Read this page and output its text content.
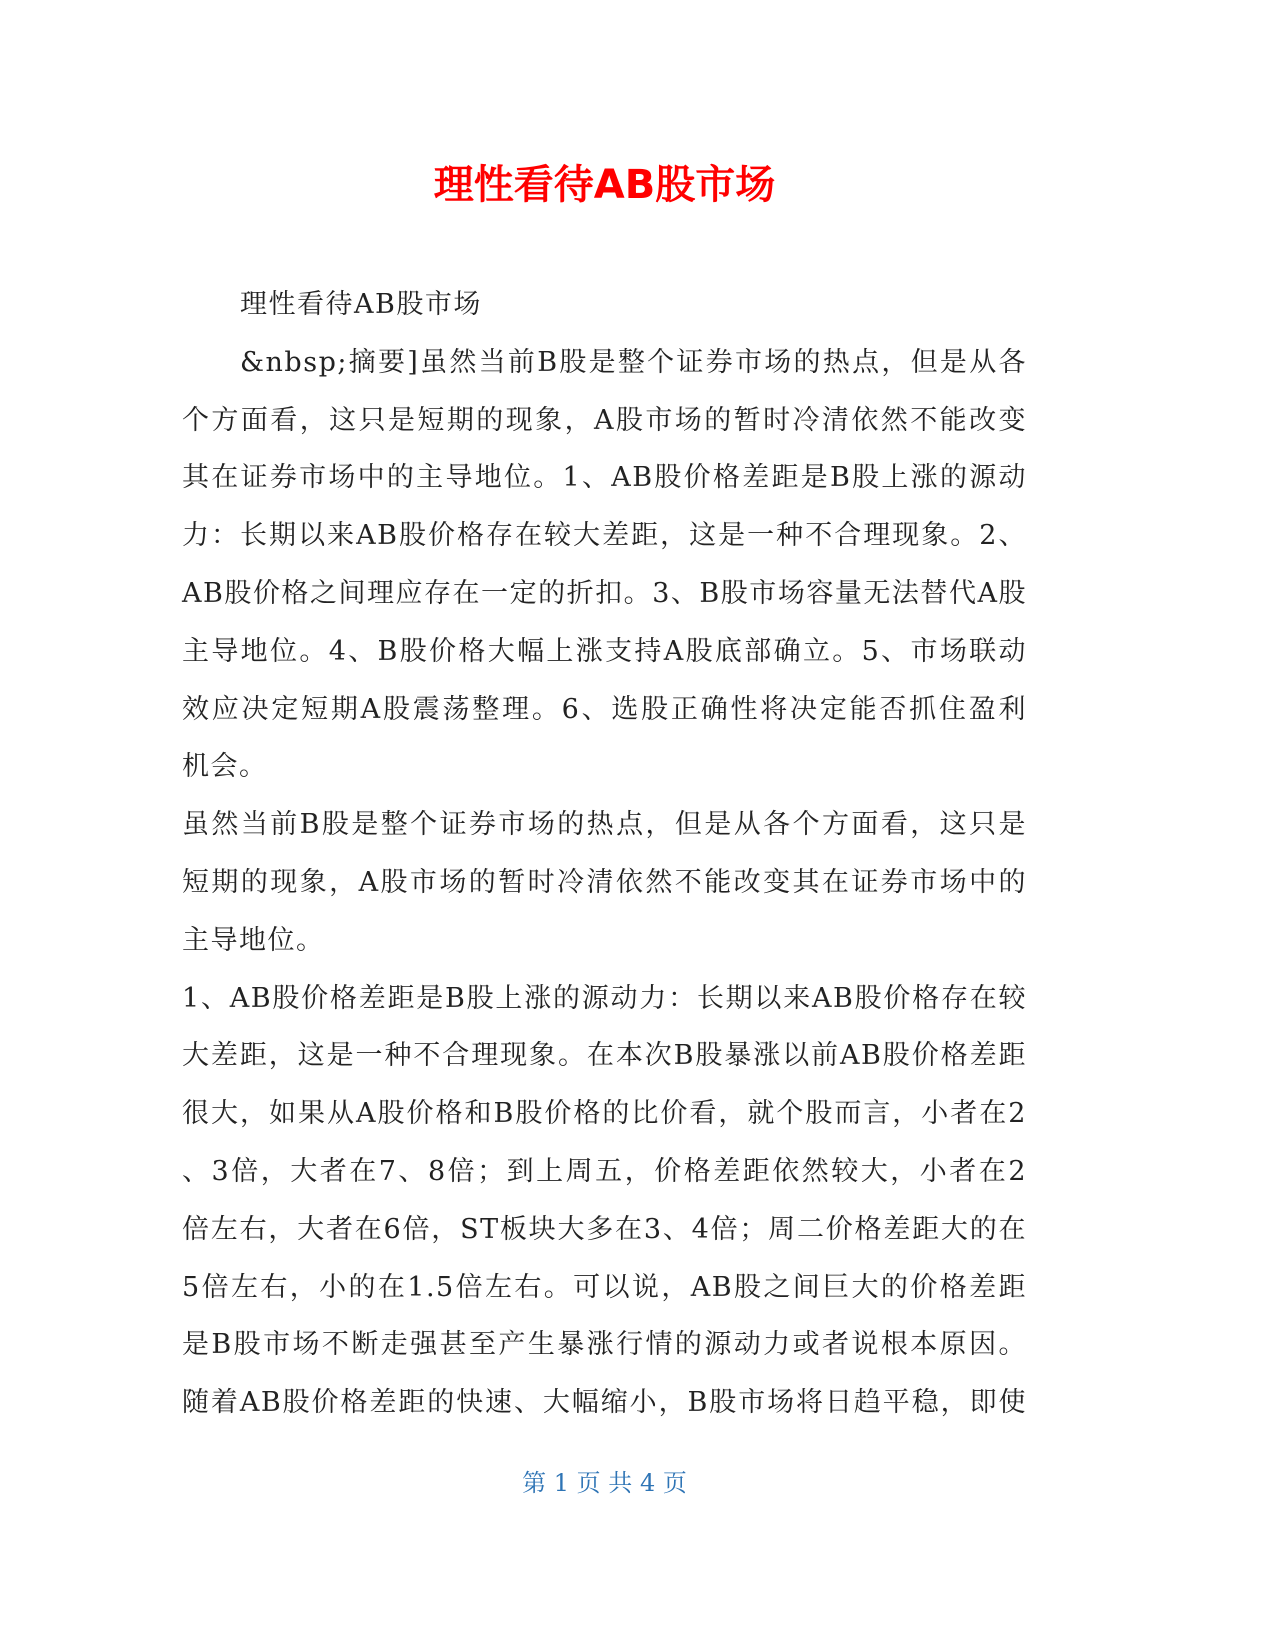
理性看待AB股市场
理性看待AB股市场
&nbsp;摘要]虽然当前B股是整个证券市场的热点，但是从各
个方面看，这只是短期的现象，A股市场的暂时冷清依然不能改变
其在证券市场中的主导地位。1、AB股价格差距是B股上涨的源动
力：长期以来AB股价格存在较大差距，这是一种不合理现象。2、
AB股价格之间理应存在一定的折扣。3、B股市场容量无法替代A股
主导地位。4、B股价格大幅上涨支持A股底部确立。5、市场联动
效应决定短期A股震荡整理。6、选股正确性将决定能否抓住盈利
机会。
虽然当前B股是整个证券市场的热点，但是从各个方面看，这只是
短期的现象，A股市场的暂时冷清依然不能改变其在证券市场中的
主导地位。
1、AB股价格差距是B股上涨的源动力：长期以来AB股价格存在较
大差距，这是一种不合理现象。在本次B股暴涨以前AB股价格差距
很大，如果从A股价格和B股价格的比价看，就个股而言，小者在2
、3倍，大者在7、8倍；到上周五，价格差距依然较大，小者在2
倍左右，大者在6倍，ST板块大多在3、4倍；周二价格差距大的在
5倍左右，小的在1.5倍左右。可以说，AB股之间巨大的价格差距
是B股市场不断走强甚至产生暴涨行情的源动力或者说根本原因。
随着AB股价格差距的快速、大幅缩小，B股市场将日趋平稳，即使
第 1 页 共 4 页
